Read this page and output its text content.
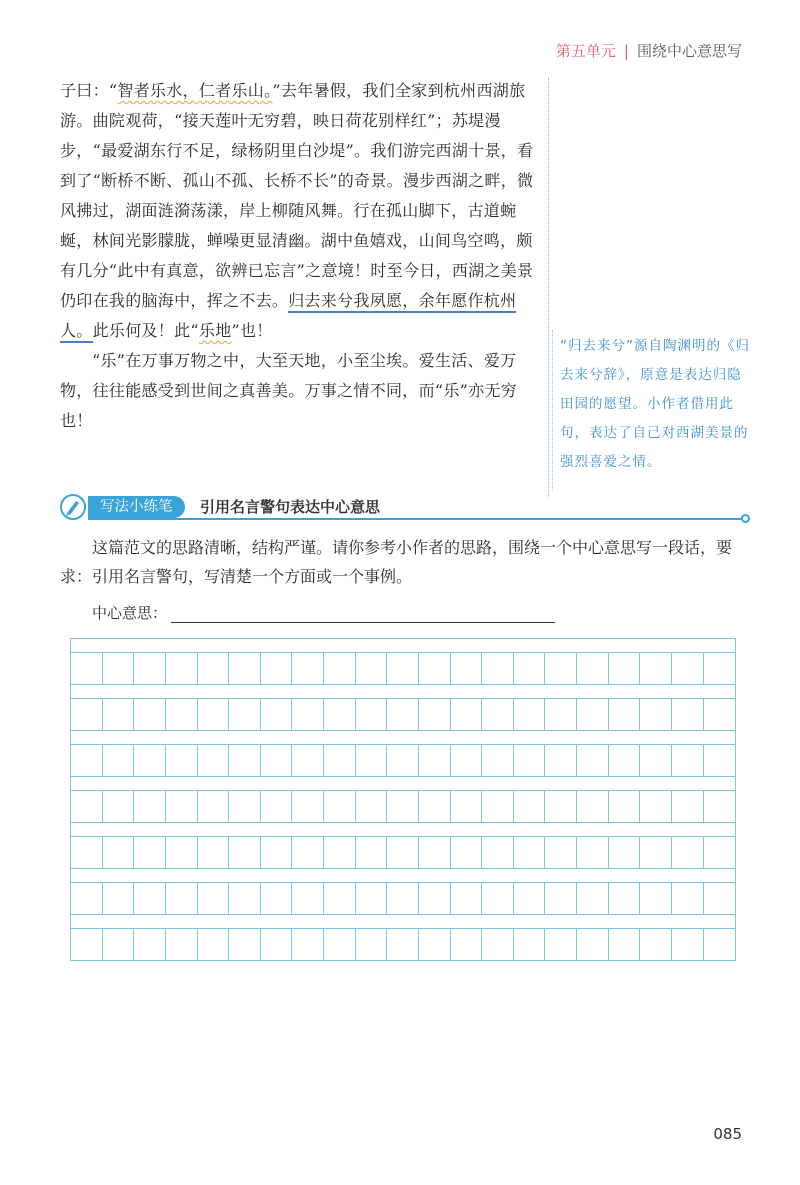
第五单元 | 围绕中心意思写

子曰：“智者乐水，仁者乐山。”去年暑假，我们全家到杭州西湖旅游。曲院观荷，“接天莲叶无穷碧，映日荷花别样红”；苏堤漫步，“最爱湖东行不足，绿杨阴里白沙堤”。我们游完西湖十景，看到了“断桥不断、孤山不孤、长桥不长”的奇景。漫步西湖之畔，微风拂过，湖面涟漪荡漾，岸上柳随风舞。行在孤山脚下，古道蜿蜒，林间光影朦胧，蝉噪更显清幽。湖中鱼嬉戏，山间鸟空鸣，颇有几分“此中有真意，欲辨已忘言”之意境！时至今日，西湖之美景仍印在我的脑海中，挥之不去。归去来兮我夙愿，余年愿作杭州人。此乐何及！此“乐地”也！

“乐”在万事万物之中，大至天地，小至尘埃。爱生活、爱万物，往往能感受到世间之真善美。万事之情不同，而“乐”亦无穷也！

“归去来兮”源自陶渊明的《归去来兮辞》，原意是表达归隐田园的愿望。小作者借用此句，表达了自己对西湖美景的强烈喜爱之情。
写法小练笔	引用名言警句表达中心意思

这篇范文的思路清晰，结构严谨。请你参考小作者的思路，围绕一个中心意思写一段话，要求：引用名言警句，写清楚一个方面或一个事例。

中心意思：
085
